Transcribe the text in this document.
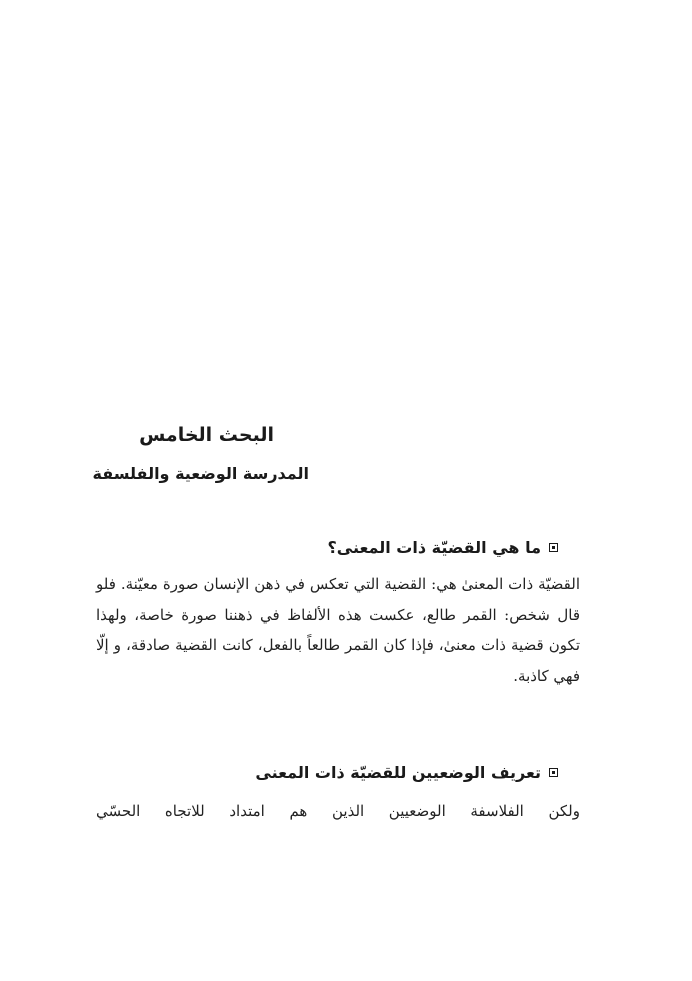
البحث الخامس
المدرسة الوضعية والفلسفة
ما هي القضيّة ذات المعنى؟

القضيّة ذات المعنىٰ هي: القضية التي تعكس في ذهن الإنسان صورة معيّنة. فلو قال شخص: القمر طالع، عكست هذه الألفاظ في ذهننا صورة خاصة، ولهذا تكون قضية ذات معنىٰ، فإذا كان القمر طالعاً بالفعل، كانت القضية صادقة، و إلّا فهي كاذبة.

تعريف الوضعيين للقضيّة ذات المعنى

ولكن الفلاسفة الوضعيين الذين هم امتداد للاتجاه الحسّي
